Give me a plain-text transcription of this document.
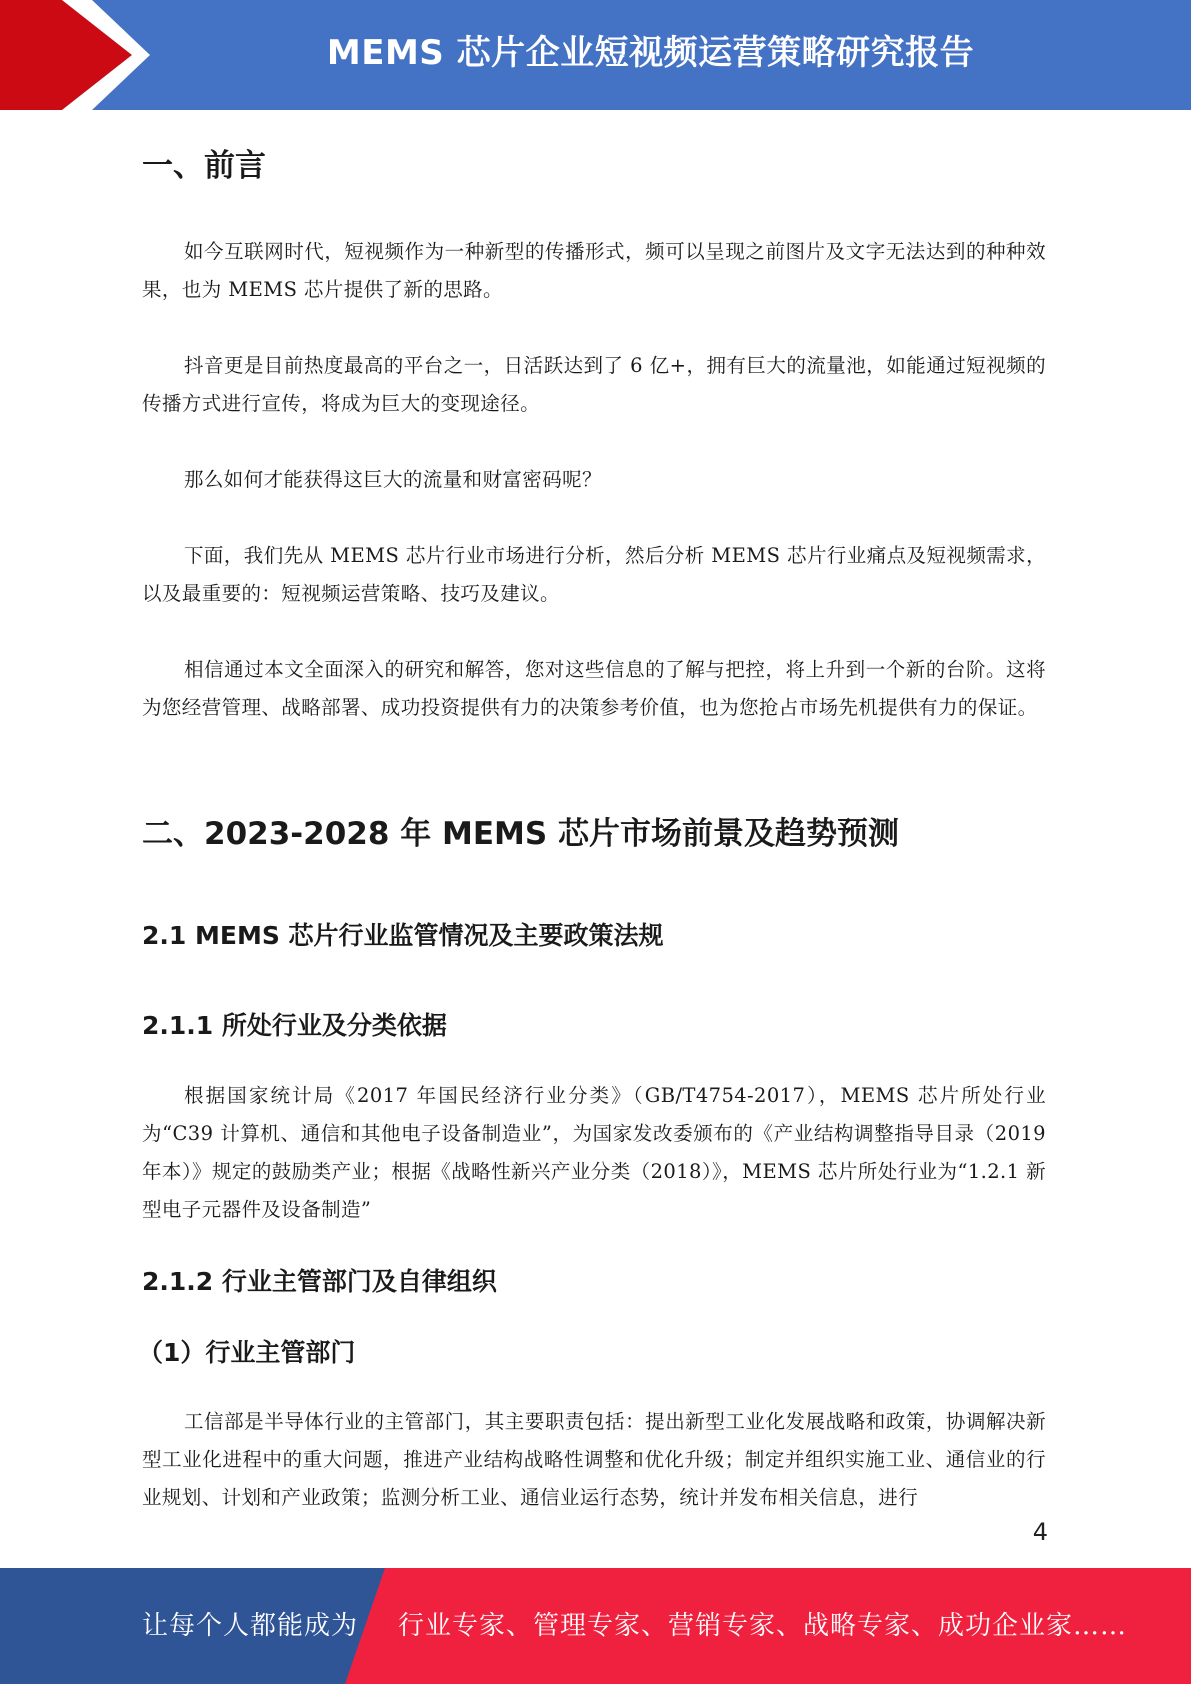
MEMS 芯片企业短视频运营策略研究报告
一、前言

如今互联网时代，短视频作为一种新型的传播形式，频可以呈现之前图片及文字无法达到的种种效果，也为 MEMS 芯片提供了新的思路。

抖音更是目前热度最高的平台之一，日活跃达到了 6 亿+，拥有巨大的流量池，如能通过短视频的传播方式进行宣传，将成为巨大的变现途径。

那么如何才能获得这巨大的流量和财富密码呢？

下面，我们先从 MEMS 芯片行业市场进行分析，然后分析 MEMS 芯片行业痛点及短视频需求，以及最重要的：短视频运营策略、技巧及建议。

相信通过本文全面深入的研究和解答，您对这些信息的了解与把控，将上升到一个新的台阶。这将为您经营管理、战略部署、成功投资提供有力的决策参考价值，也为您抢占市场先机提供有力的保证。

二、2023-2028 年 MEMS 芯片市场前景及趋势预测
2.1 MEMS 芯片行业监管情况及主要政策法规
2.1.1 所处行业及分类依据

根据国家统计局《2017 年国民经济行业分类》（GB/T4754-2017），MEMS 芯片所处行业为“C39 计算机、通信和其他电子设备制造业”，为国家发改委颁布的《产业结构调整指导目录（2019 年本）》规定的鼓励类产业；根据《战略性新兴产业分类（2018）》，MEMS 芯片所处行业为“1.2.1 新型电子元器件及设备制造”

2.1.2 行业主管部门及自律组织
（1）行业主管部门

工信部是半导体行业的主管部门，其主要职责包括：提出新型工业化发展战略和政策，协调解决新型工业化进程中的重大问题，推进产业结构战略性调整和优化升级；制定并组织实施工业、通信业的行业规划、计划和产业政策；监测分析工业、通信业运行态势，统计并发布相关信息，进行

4
让每个人都能成为 行业专家、管理专家、营销专家、战略专家、成功企业家……
